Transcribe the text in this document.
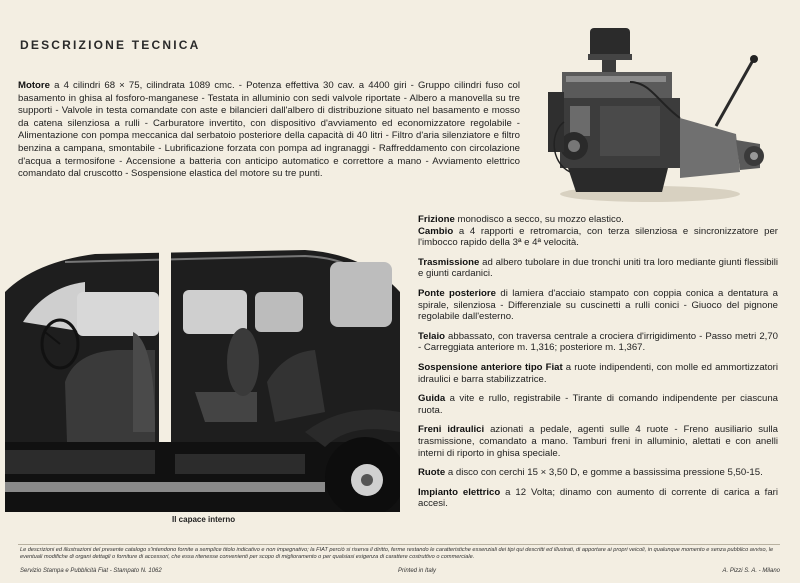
DESCRIZIONE TECNICA
Motore a 4 cilindri 68 × 75, cilindrata 1089 cmc. - Potenza effettiva 30 cav. a 4400 giri - Gruppo cilindri fuso col basamento in ghisa al fosforo-manganese - Testata in alluminio con sedi valvole riportate - Albero a manovella su tre supporti - Valvole in testa comandate con aste e bilancieri dall'albero di distribuzione situato nel basamento e mosso da catena silenziosa a rulli - Carburatore invertito, con dispositivo d'avviamento ed economizzatore regolabile - Alimentazione con pompa meccanica dal serbatoio posteriore della capacità di 40 litri - Filtro d'aria silenziatore e filtro benzina a campana, smontabile - Lubrificazione forzata con pompa ad ingranaggi - Raffreddamento con circolazione d'acqua a termosifone - Accensione a batteria con anticipo automatico e correttore a mano - Avviamento elettrico comandato dal cruscotto - Sospensione elastica del motore su tre punti.
Il capace interno

Frizione monodisco a secco, su mozzo elastico.

Cambio a 4 rapporti e retromarcia, con terza silenziosa e sincronizzatore per l'imbocco rapido della 3ª e 4ª velocità.

Trasmissione ad albero tubolare in due tronchi uniti tra loro mediante giunti flessibili e giunti cardanici.

Ponte posteriore di lamiera d'acciaio stampato con coppia conica a dentatura a spirale, silenziosa - Differenziale su cuscinetti a rulli conici - Giuoco del pignone regolabile dall'esterno.

Telaio abbassato, con traversa centrale a crociera d'irrigidimento - Passo metri 2,70 - Carreggiata anteriore m. 1,316; posteriore m. 1,367.

Sospensione anteriore tipo Fiat a ruote indipendenti, con molle ed ammortizzatori idraulici e barra stabilizzatrice.

Guida a vite e rullo, registrabile - Tirante di comando indipendente per ciascuna ruota.

Freni idraulici azionati a pedale, agenti sulle 4 ruote - Freno ausiliario sulla trasmissione, comandato a mano. Tamburi freni in alluminio, alettati e con anelli interni di riporto in ghisa speciale.

Ruote a disco con cerchi 15 × 3,50 D, e gomme a bassissima pressione 5,50-15.

Impianto elettrico a 12 Volta; dinamo con aumento di corrente di carica a fari accesi.

Le descrizioni ed illustrazioni del presente catalogo s'intendono fornite a semplice titolo indicativo e non impegnativo; la FIAT perciò si riserva il diritto, ferme restando le caratteristiche essenziali dei tipi qui descritti ed illustrati, di apportare ai propri veicoli, in qualunque momento e senza pubblico avviso, le eventuali modifiche di organi dettagli o forniture di accessori, che essa ritenesse convenienti per scopo di miglioramento o per qualsiasi esigenza di carattere costruttivo o commerciale.
Servizio Stampa e Pubblicità Fiat - Stampato N. 1062	Printed in Italy	A. Pizzi S. A. - Milano
